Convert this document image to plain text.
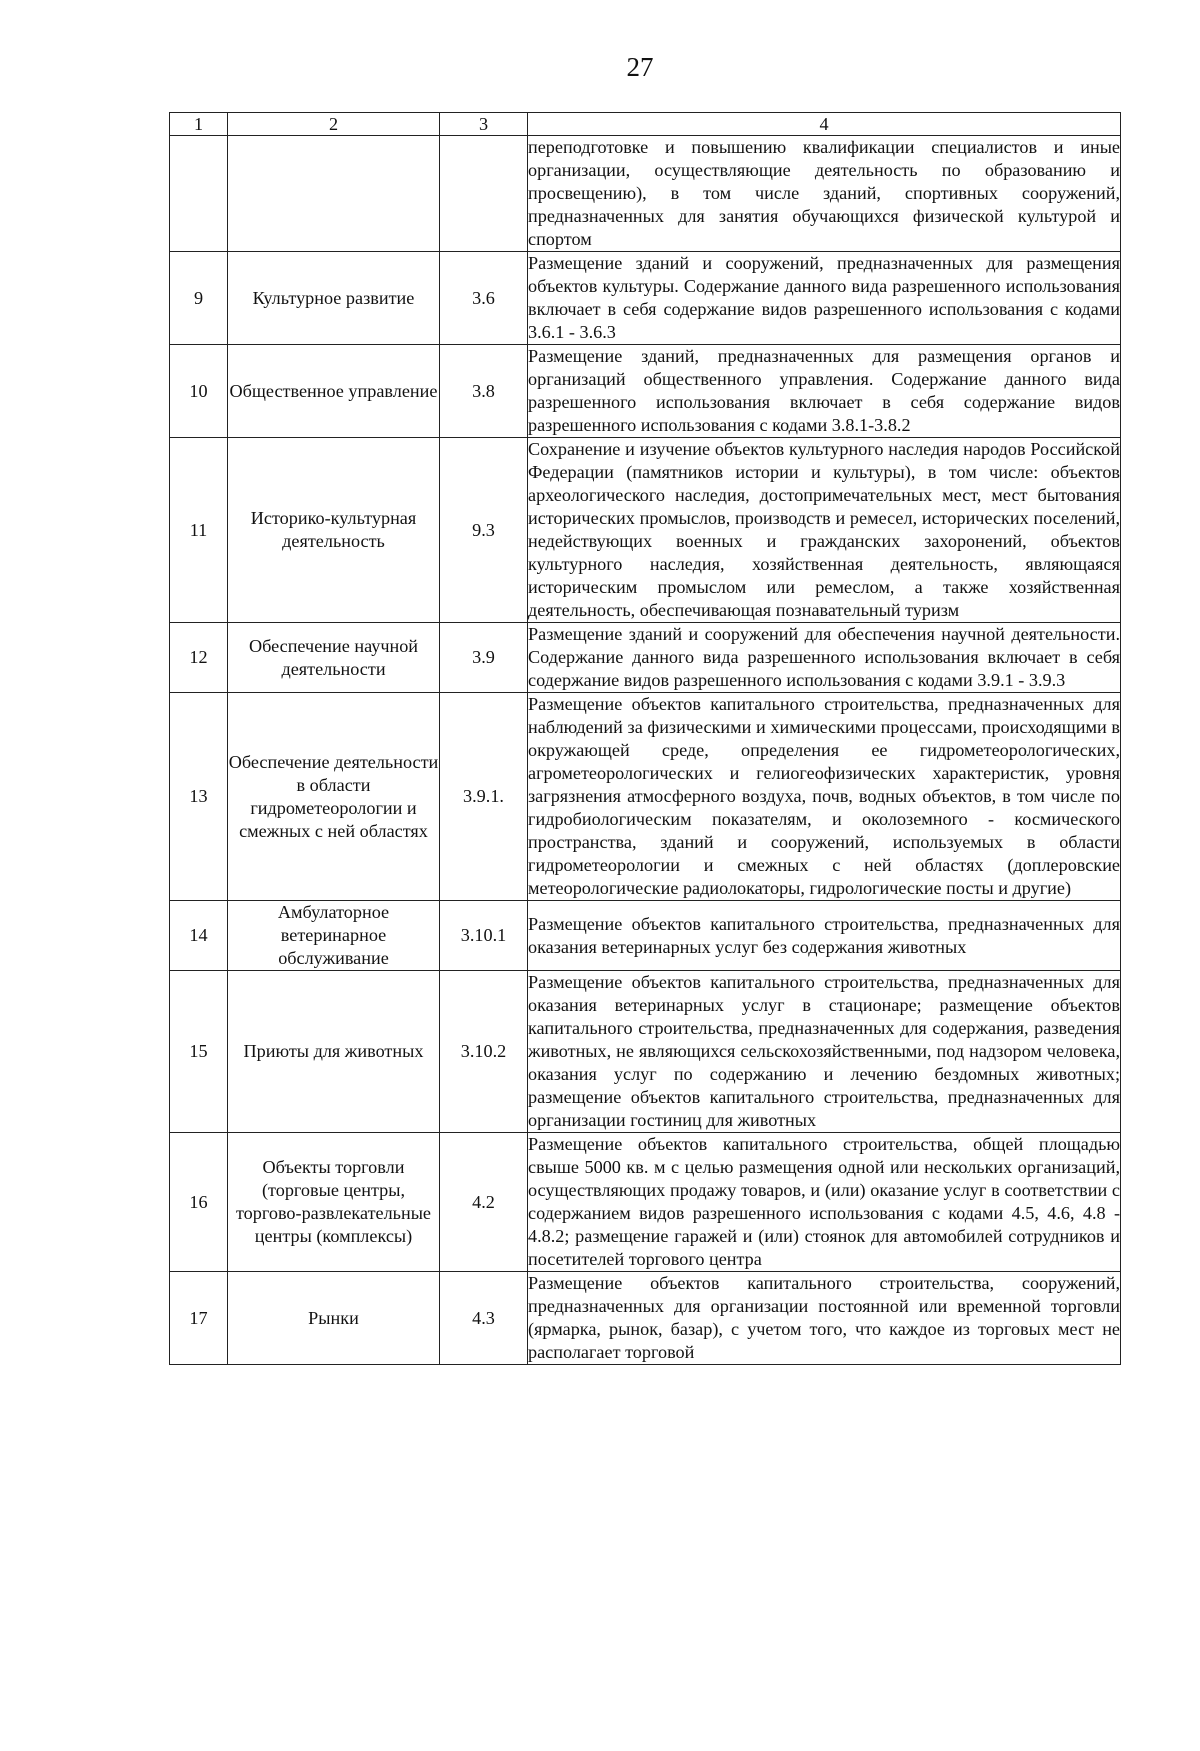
27
1	2	3	4
			переподготовке и повышению квалификации специалистов и иные организации, осуществляющие деятельность по образованию и просвещению), в том числе зданий, спортивных сооружений, предназначенных для занятия обучающихся физической культурой и спортом
9	Культурное развитие	3.6	Размещение зданий и сооружений, предназначенных для размещения объектов культуры. Содержание данного вида разрешенного использования включает в себя содержание видов разрешенного использования с кодами 3.6.1 - 3.6.3
10	Общественное управление	3.8	Размещение зданий, предназначенных для размещения органов и организаций общественного управления. Содержание данного вида разрешенного использования включает в себя содержание видов разрешенного использования с кодами 3.8.1-3.8.2
11	Историко-культурная деятельность	9.3	Сохранение и изучение объектов культурного наследия народов Российской Федерации (памятников истории и культуры), в том числе: объектов археологического наследия, достопримечательных мест, мест бытования исторических промыслов, производств и ремесел, исторических поселений, недействующих военных и гражданских захоронений, объектов культурного наследия, хозяйственная деятельность, являющаяся историческим промыслом или ремеслом, а также хозяйственная деятельность, обеспечивающая познавательный туризм
12	Обеспечение научной деятельности	3.9	Размещение зданий и сооружений для обеспечения научной деятельности. Содержание данного вида разрешенного использования включает в себя содержание видов разрешенного использования с кодами 3.9.1 - 3.9.3
13	Обеспечение деятельности в области гидрометеорологии и смежных с ней областях	3.9.1.	Размещение объектов капитального строительства, предназначенных для наблюдений за физическими и химическими процессами, происходящими в окружающей среде, определения ее гидрометеорологических, агрометеорологических и гелиогеофизических характеристик, уровня загрязнения атмосферного воздуха, почв, водных объектов, в том числе по гидробиологическим показателям, и околоземного - космического пространства, зданий и сооружений, используемых в области гидрометеорологии и смежных с ней областях (доплеровские метеорологические радиолокаторы, гидрологические посты и другие)
14	Амбулаторное ветеринарное обслуживание	3.10.1	Размещение объектов капитального строительства, предназначенных для оказания ветеринарных услуг без содержания животных
15	Приюты для животных	3.10.2	Размещение объектов капитального строительства, предназначенных для оказания ветеринарных услуг в стационаре; размещение объектов капитального строительства, предназначенных для содержания, разведения животных, не являющихся сельскохозяйственными, под надзором человека, оказания услуг по содержанию и лечению бездомных животных; размещение объектов капитального строительства, предназначенных для организации гостиниц для животных
16	Объекты торговли (торговые центры, торгово-развлекательные центры (комплексы)	4.2	Размещение объектов капитального строительства, общей площадью свыше 5000 кв. м с целью размещения одной или нескольких организаций, осуществляющих продажу товаров, и (или) оказание услуг в соответствии с содержанием видов разрешенного использования с кодами 4.5, 4.6, 4.8 - 4.8.2; размещение гаражей и (или) стоянок для автомобилей сотрудников и посетителей торгового центра
17	Рынки	4.3	Размещение объектов капитального строительства, сооружений, предназначенных для организации постоянной или временной торговли (ярмарка, рынок, базар), с учетом того, что каждое из торговых мест не располагает торговой
